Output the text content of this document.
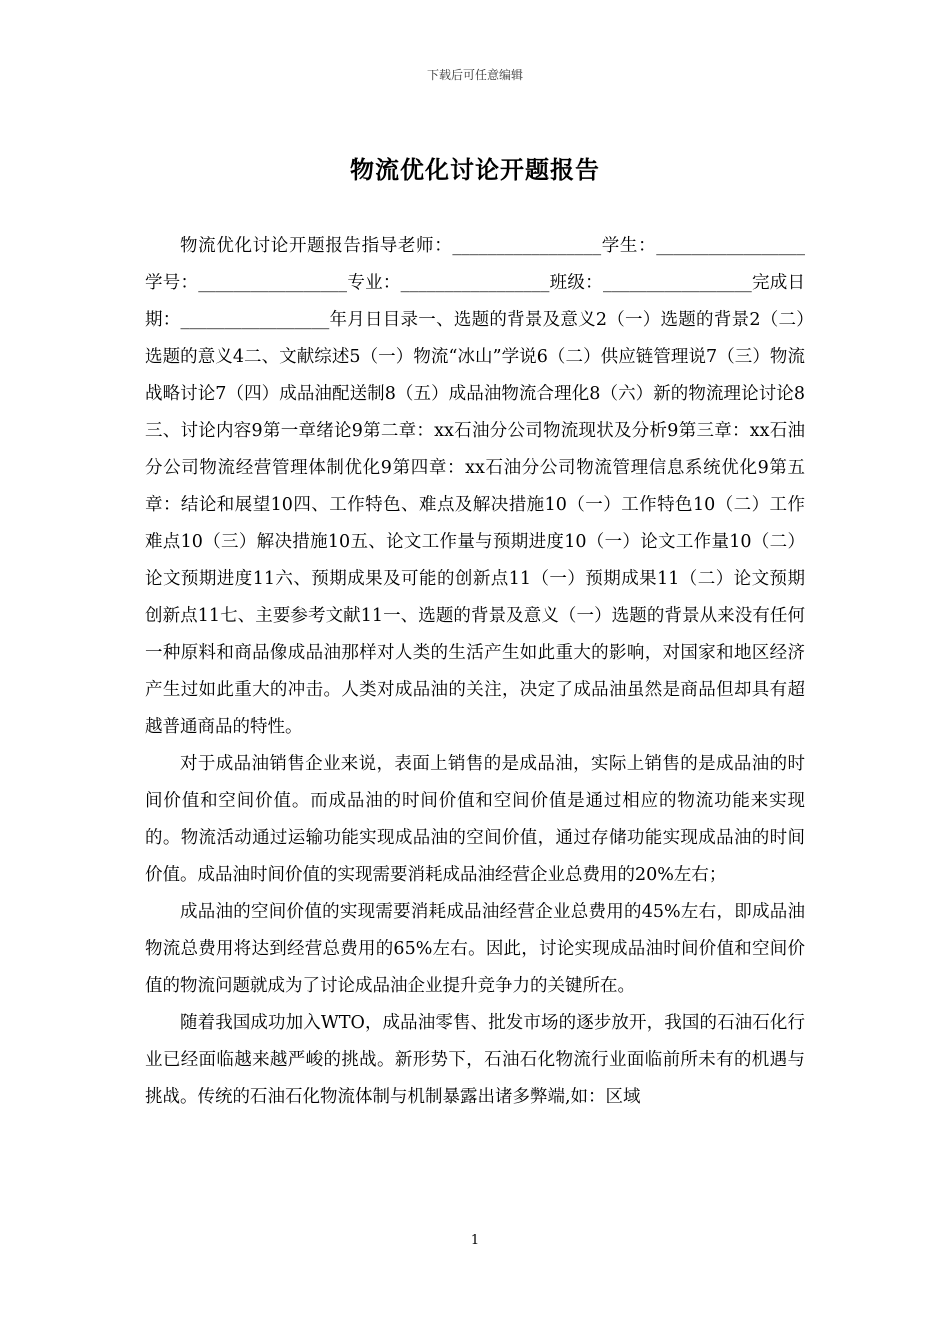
下载后可任意编辑
物流优化讨论开题报告

物流优化讨论开题报告指导老师：_________________学生：_________________学号：_________________专业：_________________班级：_________________完成日期：_________________年月日目录一、选题的背景及意义2（一）选题的背景2（二）选题的意义4二、文献综述5（一）物流“冰山”学说6（二）供应链管理说7（三）物流战略讨论7（四）成品油配送制8（五）成品油物流合理化8（六）新的物流理论讨论8三、讨论内容9第一章绪论9第二章：xx石油分公司物流现状及分析9第三章：xx石油分公司物流经营管理体制优化9第四章：xx石油分公司物流管理信息系统优化9第五章：结论和展望10四、工作特色、难点及解决措施10（一）工作特色10（二）工作难点10（三）解决措施10五、论文工作量与预期进度10（一）论文工作量10（二）论文预期进度11六、预期成果及可能的创新点11（一）预期成果11（二）论文预期创新点11七、主要参考文献11一、选题的背景及意义（一）选题的背景从来没有任何一种原料和商品像成品油那样对人类的生活产生如此重大的影响，对国家和地区经济产生过如此重大的冲击。人类对成品油的关注，决定了成品油虽然是商品但却具有超越普通商品的特性。

对于成品油销售企业来说，表面上销售的是成品油，实际上销售的是成品油的时间价值和空间价值。而成品油的时间价值和空间价值是通过相应的物流功能来实现的。物流活动通过运输功能实现成品油的空间价值，通过存储功能实现成品油的时间价值。成品油时间价值的实现需要消耗成品油经营企业总费用的20%左右；

成品油的空间价值的实现需要消耗成品油经营企业总费用的45%左右，即成品油物流总费用将达到经营总费用的65%左右。因此，讨论实现成品油时间价值和空间价值的物流问题就成为了讨论成品油企业提升竞争力的关键所在。

随着我国成功加入WTO，成品油零售、批发市场的逐步放开，我国的石油石化行业已经面临越来越严峻的挑战。新形势下，石油石化物流行业面临前所未有的机遇与挑战。传统的石油石化物流体制与机制暴露出诸多弊端,如：区域

1
